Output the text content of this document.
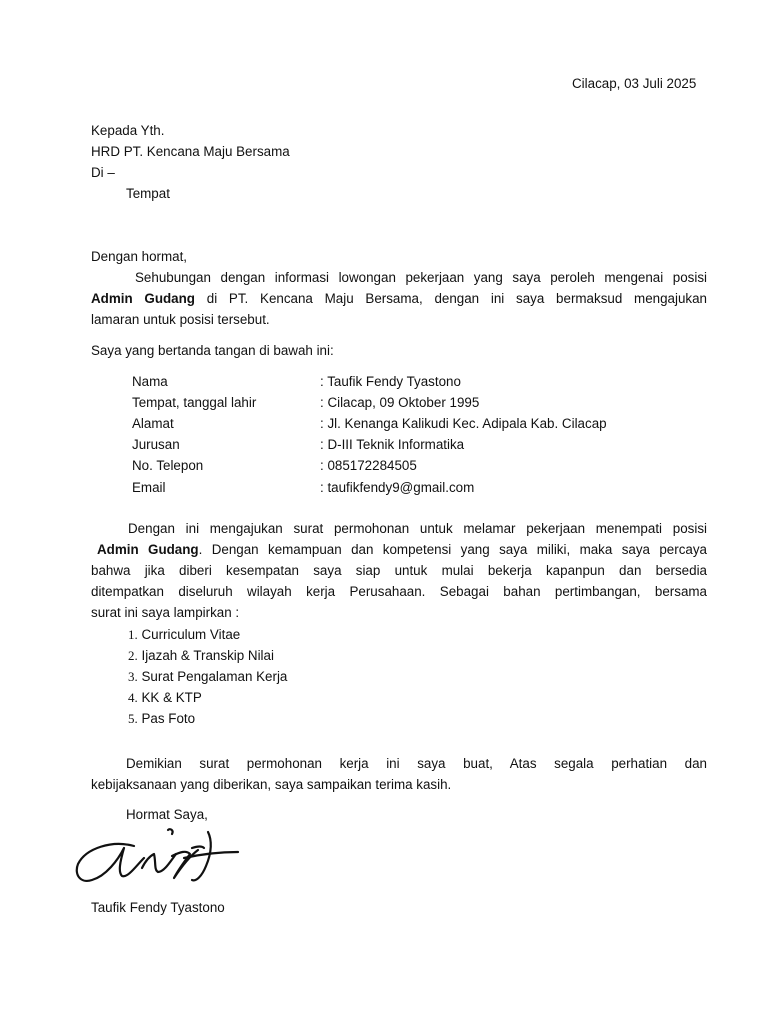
Cilacap, 03 Juli 2025
Kepada Yth.
HRD PT. Kencana Maju Bersama
Di –
Tempat
Dengan hormat,
Sehubungan dengan informasi lowongan pekerjaan yang saya peroleh mengenai posisi
Admin Gudang di PT. Kencana Maju Bersama, dengan ini saya bermaksud mengajukan
lamaran untuk posisi tersebut.
Saya yang bertanda tangan di bawah ini:
Nama	: Taufik Fendy Tyastono
Tempat, tanggal lahir	: Cilacap, 09 Oktober 1995
Alamat	: Jl. Kenanga Kalikudi Kec. Adipala Kab. Cilacap
Jurusan	: D-III Teknik Informatika
No. Telepon	: 085172284505
Email	: taufikfendy9@gmail.com
Dengan ini mengajukan surat permohonan untuk melamar pekerjaan menempati posisi
Admin Gudang. Dengan kemampuan dan kompetensi yang saya miliki, maka saya percaya
bahwa jika diberi kesempatan saya siap untuk mulai bekerja kapanpun dan bersedia
ditempatkan diseluruh wilayah kerja Perusahaan. Sebagai bahan pertimbangan, bersama
surat ini saya lampirkan :
1. Curriculum Vitae
2. Ijazah & Transkip Nilai
3. Surat Pengalaman Kerja
4. KK & KTP
5. Pas Foto
Demikian surat permohonan kerja ini saya buat, Atas segala perhatian dan
kebijaksanaan yang diberikan, saya sampaikan terima kasih.
Hormat Saya,
Taufik Fendy Tyastono
